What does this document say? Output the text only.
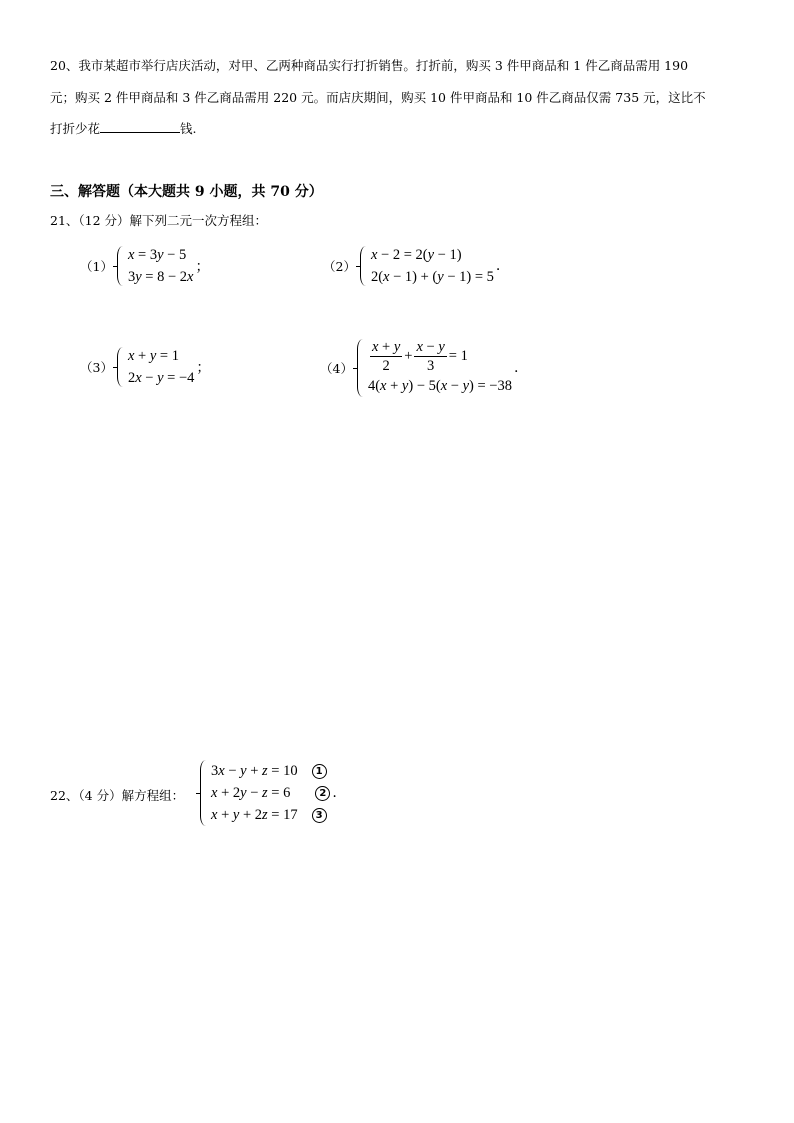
20、我市某超市举行店庆活动，对甲、乙两种商品实行打折销售。打折前，购买 3 件甲商品和 1 件乙商品需用 190
元；购买 2 件甲商品和 3 件乙商品需用 220 元。而店庆期间，购买 10 件甲商品和 10 件乙商品仅需 735 元，这比不
打折少花	钱.
三、解答题（本大题共 9 小题，共 70 分）
21、（12 分）解下列二元一次方程组：
（1）
x = 3y − 5
3y = 8 − 2x
；	（2）
x − 2 = 2(y − 1)
2(x − 1) + (y − 1) = 5
.
（3）
x + y = 1
2x − y = −4
；	$(4) \frac{x + y}{2} + \frac{x - y}{3} = 1$
4(x + y) − 5(x − y) = −38
.
22、（4 分）解方程组：
3x − y + z = 10 1
x + 2y − z = 6	2
x + y + 2z = 17 3
.
